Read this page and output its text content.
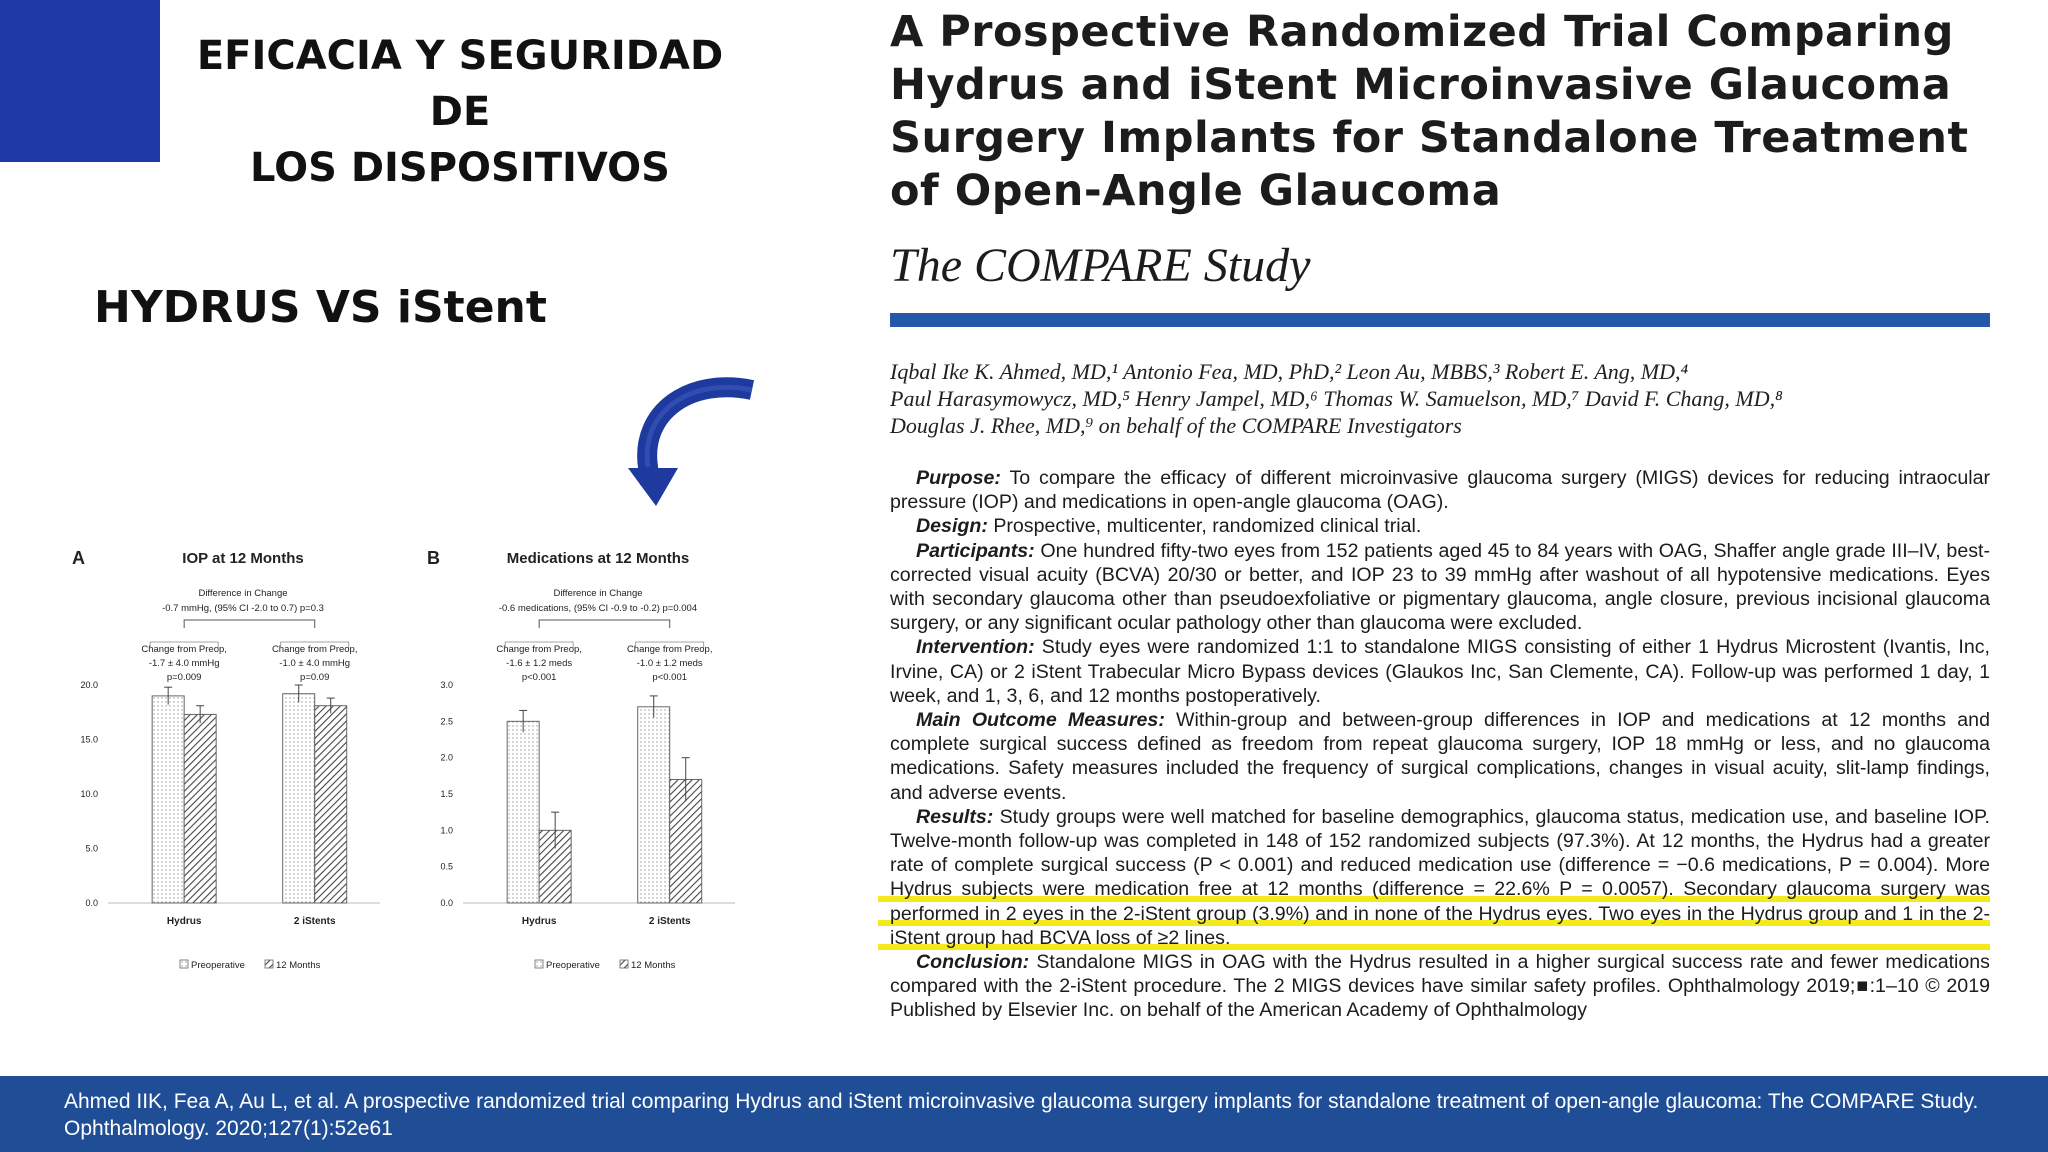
EFICACIA Y SEGURIDAD DE
LOS DISPOSITIVOS
HYDRUS VS iStent
A	IOP at 12 Months
Difference in Change
-0.7 mmHg, (95% CI -2.0 to 0.7) p=0.3
Change from Preop,
-1.7 ± 4.0 mmHg
p=0.009
Change from Preop,
-1.0 ± 4.0 mmHg
p=0.09
0.0
5.0
10.0
15.0
20.0
Hydrus	2 iStents
Preoperative	12 Months
B	Medications at 12 Months
Difference in Change
-0.6 medications, (95% CI -0.9 to -0.2) p=0.004
Change from Preop,
-1.6 ± 1.2 meds
p<0.001
Change from Preop,
-1.0 ± 1.2 meds
p<0.001
0.0
0.5
1.0
1.5
2.0
2.5
3.0
Hydrus	2 iStents
Preoperative	12 Months
A Prospective Randomized Trial Comparing
Hydrus and iStent Microinvasive Glaucoma
Surgery Implants for Standalone Treatment
of Open-Angle Glaucoma
The COMPARE Study
Iqbal Ike K. Ahmed, MD,¹ Antonio Fea, MD, PhD,² Leon Au, MBBS,³ Robert E. Ang, MD,⁴
Paul Harasymowycz, MD,⁵ Henry Jampel, MD,⁶ Thomas W. Samuelson, MD,⁷ David F. Chang, MD,⁸
Douglas J. Rhee, MD,⁹ on behalf of the COMPARE Investigators

Purpose: To compare the efficacy of different microinvasive glaucoma surgery (MIGS) devices for reducing intraocular pressure (IOP) and medications in open-angle glaucoma (OAG).

Design: Prospective, multicenter, randomized clinical trial.

Participants: One hundred fifty-two eyes from 152 patients aged 45 to 84 years with OAG, Shaffer angle grade III–IV, best-corrected visual acuity (BCVA) 20/30 or better, and IOP 23 to 39 mmHg after washout of all hypotensive medications. Eyes with secondary glaucoma other than pseudoexfoliative or pigmentary glaucoma, angle closure, previous incisional glaucoma surgery, or any significant ocular pathology other than glaucoma were excluded.

Intervention: Study eyes were randomized 1:1 to standalone MIGS consisting of either 1 Hydrus Microstent (Ivantis, Inc, Irvine, CA) or 2 iStent Trabecular Micro Bypass devices (Glaukos Inc, San Clemente, CA). Follow-up was performed 1 day, 1 week, and 1, 3, 6, and 12 months postoperatively.

Main Outcome Measures: Within-group and between-group differences in IOP and medications at 12 months and complete surgical success defined as freedom from repeat glaucoma surgery, IOP 18 mmHg or less, and no glaucoma medications. Safety measures included the frequency of surgical complications, changes in visual acuity, slit-lamp findings, and adverse events.

Results: Study groups were well matched for baseline demographics, glaucoma status, medication use, and baseline IOP. Twelve-month follow-up was completed in 148 of 152 randomized subjects (97.3%). At 12 months, the Hydrus had a greater rate of complete surgical success (P < 0.001) and reduced medication use (difference = −0.6 medications, P = 0.004). More Hydrus subjects were medication free at 12 months (difference = 22.6% P = 0.0057). Secondary glaucoma surgery was performed in 2 eyes in the 2-iStent group (3.9%) and in none of the Hydrus eyes. Two eyes in the Hydrus group and 1 in the 2-iStent group had BCVA loss of ≥2 lines.

Conclusion: Standalone MIGS in OAG with the Hydrus resulted in a higher surgical success rate and fewer medications compared with the 2-iStent procedure. The 2 MIGS devices have similar safety profiles. Ophthalmology 2019;■:1–10 © 2019 Published by Elsevier Inc. on behalf of the American Academy of Ophthalmology

Ahmed IIK, Fea A, Au L, et al. A prospective randomized trial comparing Hydrus and iStent microinvasive glaucoma surgery implants for standalone treatment of open-angle glaucoma: The COMPARE Study. Ophthalmology. 2020;127(1):52e61
